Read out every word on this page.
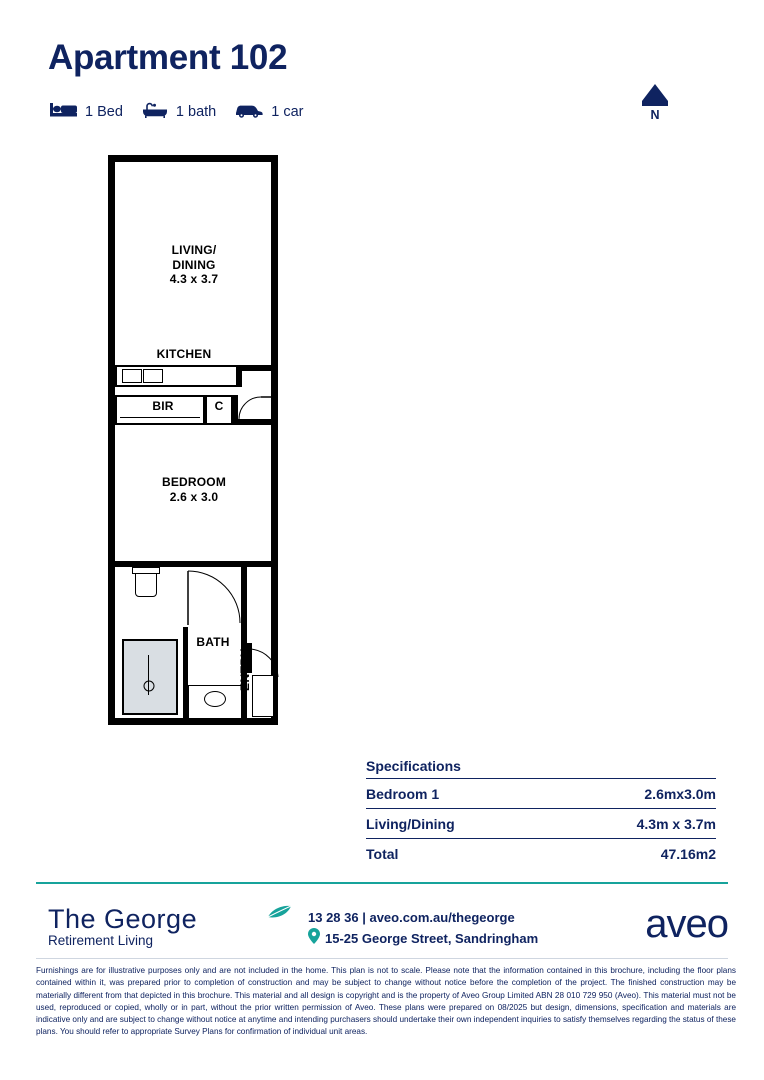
Apartment 102
1 Bed	1 bath	1 car	N
LIVING/
DINING
4.3 x 3.7
KITCHEN
BIR	C
BEDROOM
2.6 x 3.0
BATH
ENTRY
Specifications
Bedroom 1	2.6mx3.0m
Living/Dining	4.3m x 3.7m
Total	47.16m2
The George
Retirement Living
13 28 36 | aveo.com.au/thegeorge
15-25 George Street, Sandringham	aveo
Furnishings are for illustrative purposes only and are not included in the home. This plan is not to scale. Please note that the information contained in this brochure, including the floor plans contained within it, was prepared prior to completion of construction and may be subject to change without notice before the completion of the project. The finished construction may be materially different from that depicted in this brochure. This material and all design is copyright and is the property of Aveo Group Limited ABN 28 010 729 950 (Aveo). This material must not be used, reproduced or copied, wholly or in part, without the prior written permission of Aveo. These plans were prepared on 08/2025 but design, dimensions, specification and materials are indicative only and are subject to change without notice at anytime and intending purchasers should undertake their own independent inquiries to satisfy themselves regarding the status of these plans. You should refer to appropriate Survey Plans for confirmation of individual unit areas.
